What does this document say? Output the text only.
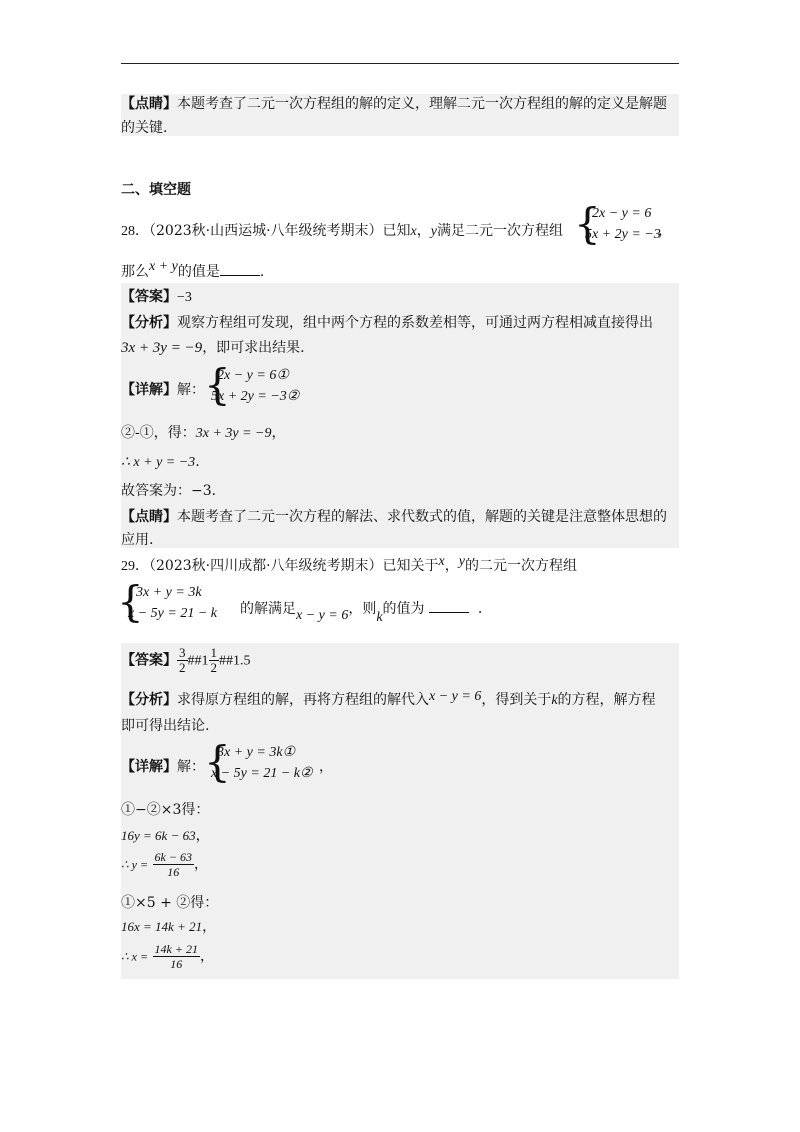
【点睛】本题考查了二元一次方程组的解的定义，理解二元一次方程组的解的定义是解题
的关键.
二、填空题
28．（2023秋·山西运城·八年级统考期末）已知x，y满足二元一次方程组 {
2x − y = 6
5x + 2y = −3
，
那么x + y的值是	.
【答案】−3
【分析】观察方程组可发现，组中两个方程的系数差相等，可通过两方程相减直接得出
3x + 3y = −9，即可求出结果.
【详解】解： {
2x − y = 6①
5x + 2y = −3②
②-①，得：3x + 3y = −9，
∴ x + y = −3.
故答案为：−3．
【点睛】本题考查了二元一次方程的解法、求代数式的值，解题的关键是注意整体思想的
应用.
29．（2023秋·四川成都·八年级统考期末）已知关于x，y的二元一次方程组
{
3x + y = 3k
x − 5y = 21 − k 的解满足x − y = 6，则k的值为	.
【答案】 $\frac{3}{2}$ ##1 $\frac{1}{2}$ ##1.5
【分析】求得原方程组的解，再将方程组的解代入x − y = 6，得到关于k的方程，解方程
即可得出结论.
【详解】解： {
3x + y = 3k①
x − 5y = 21 − k② ，
①−②×3得：
16y = 6k − 63，
∴ $y = \frac{6k - 63}{16}$ ，
①×5 + ②得：
16x = 14k + 21，
∴ $x = \frac{14k + 21}{16}$ ，
